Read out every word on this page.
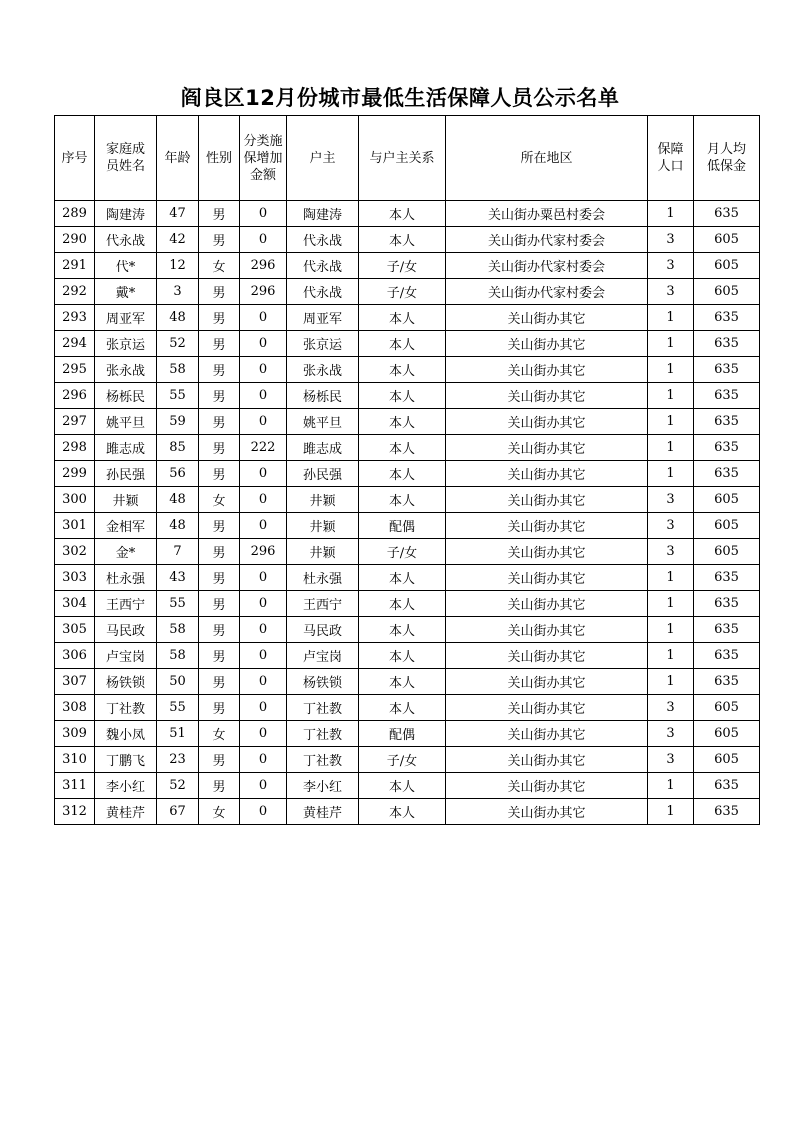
阎良区12月份城市最低生活保障人员公示名单
序号	家庭成员姓名	年龄	性别	分类施保增加金额	户主	与户主关系	所在地区	保障人口	月人均低保金
289	陶建涛	47	男	0	陶建涛	本人	关山街办粟邑村委会	1	635
290	代永战	42	男	0	代永战	本人	关山街办代家村委会	3	605
291	代*	12	女	296	代永战	子/女	关山街办代家村委会	3	605
292	戴*	3	男	296	代永战	子/女	关山街办代家村委会	3	605
293	周亚军	48	男	0	周亚军	本人	关山街办其它	1	635
294	张京运	52	男	0	张京运	本人	关山街办其它	1	635
295	张永战	58	男	0	张永战	本人	关山街办其它	1	635
296	杨栎民	55	男	0	杨栎民	本人	关山街办其它	1	635
297	姚平旦	59	男	0	姚平旦	本人	关山街办其它	1	635
298	雎志成	85	男	222	雎志成	本人	关山街办其它	1	635
299	孙民强	56	男	0	孙民强	本人	关山街办其它	1	635
300	井颖	48	女	0	井颖	本人	关山街办其它	3	605
301	金相军	48	男	0	井颖	配偶	关山街办其它	3	605
302	金*	7	男	296	井颖	子/女	关山街办其它	3	605
303	杜永强	43	男	0	杜永强	本人	关山街办其它	1	635
304	王西宁	55	男	0	王西宁	本人	关山街办其它	1	635
305	马民政	58	男	0	马民政	本人	关山街办其它	1	635
306	卢宝岗	58	男	0	卢宝岗	本人	关山街办其它	1	635
307	杨铁锁	50	男	0	杨铁锁	本人	关山街办其它	1	635
308	丁社教	55	男	0	丁社教	本人	关山街办其它	3	605
309	魏小凤	51	女	0	丁社教	配偶	关山街办其它	3	605
310	丁鹏飞	23	男	0	丁社教	子/女	关山街办其它	3	605
311	李小红	52	男	0	李小红	本人	关山街办其它	1	635
312	黄桂芹	67	女	0	黄桂芹	本人	关山街办其它	1	635
